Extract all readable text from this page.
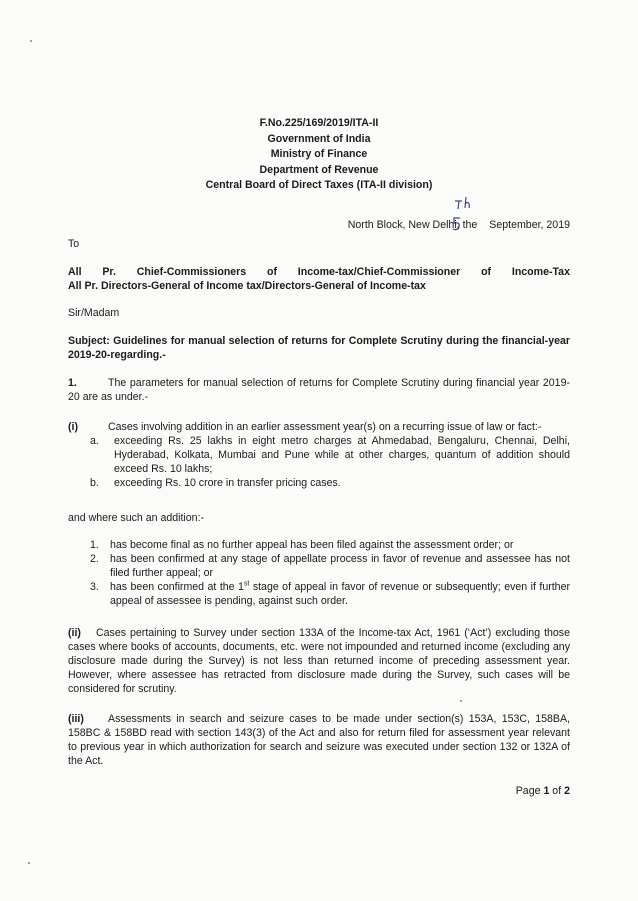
F.No.225/169/2019/ITA-II
Government of India
Ministry of Finance
Department of Revenue
Central Board of Direct Taxes (ITA-II division)
North Block, New Delhi, the September, 2019
To
All Pr. Chief-Commissioners of Income-tax/Chief-Commissioner of Income-Tax
All Pr. Directors-General of Income tax/Directors-General of Income-tax
Sir/Madam
Subject: Guidelines for manual selection of returns for Complete Scrutiny during the financial-year 2019-20-regarding.-
1.	The parameters for manual selection of returns for Complete Scrutiny during financial year 2019-20 are as under.-
(i)	Cases involving addition in an earlier assessment year(s) on a recurring issue of law or fact:-
a.	exceeding Rs. 25 lakhs in eight metro charges at Ahmedabad, Bengaluru, Chennai, Delhi, Hyderabad, Kolkata, Mumbai and Pune while at other charges, quantum of addition should exceed Rs. 10 lakhs;
b.	exceeding Rs. 10 crore in transfer pricing cases.
and where such an addition:-
1.	has become final as no further appeal has been filed against the assessment order; or
2.	has been confirmed at any stage of appellate process in favor of revenue and assessee has not filed further appeal; or
3.	has been confirmed at the 1st stage of appeal in favor of revenue or subsequently; even if further appeal of assessee is pending, against such order.
(ii) Cases pertaining to Survey under section 133A of the Income-tax Act, 1961 (‘Act’) excluding those cases where books of accounts, documents, etc. were not impounded and returned income (excluding any disclosure made during the Survey) is not less than returned income of preceding assessment year. However, where assessee has retracted from disclosure made during the Survey, such cases will be considered for scrutiny.
(iii) Assessments in search and seizure cases to be made under section(s) 153A, 153C, 158BA, 158BC & 158BD read with section 143(3) of the Act and also for return filed for assessment year relevant to previous year in which authorization for search and seizure was executed under section 132 or 132A of the Act.
Page 1 of 2
